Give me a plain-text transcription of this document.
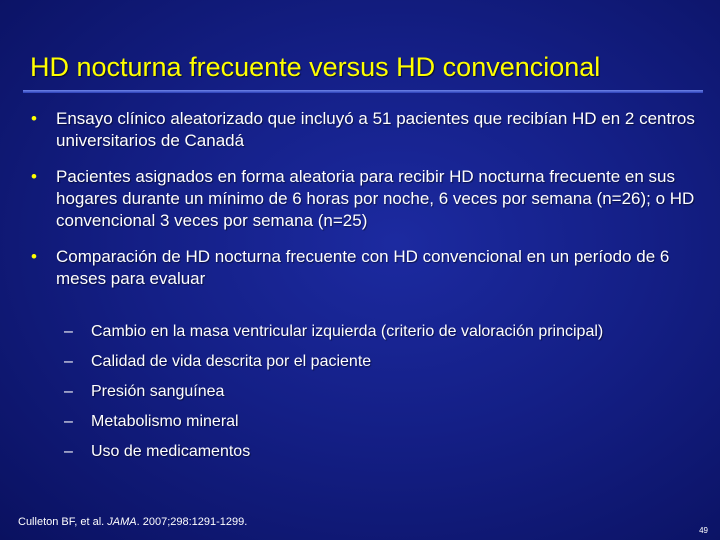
HD nocturna frecuente versus HD convencional
• Ensayo clínico aleatorizado que incluyó a 51 pacientes que recibían HD en 2 centros universitarios de Canadá
• Pacientes asignados en forma aleatoria para recibir HD nocturna frecuente en sus hogares durante un mínimo de 6 horas por noche, 6 veces por semana (n=26); o HD convencional 3 veces por semana (n=25)
• Comparación de HD nocturna frecuente con HD convencional en un período de 6 meses para evaluar
– Cambio en la masa ventricular izquierda (criterio de valoración principal)
– Calidad de vida descrita por el paciente
– Presión sanguínea
– Metabolismo mineral
– Uso de medicamentos
Culleton BF, et al. JAMA. 2007;298:1291-1299.
49
